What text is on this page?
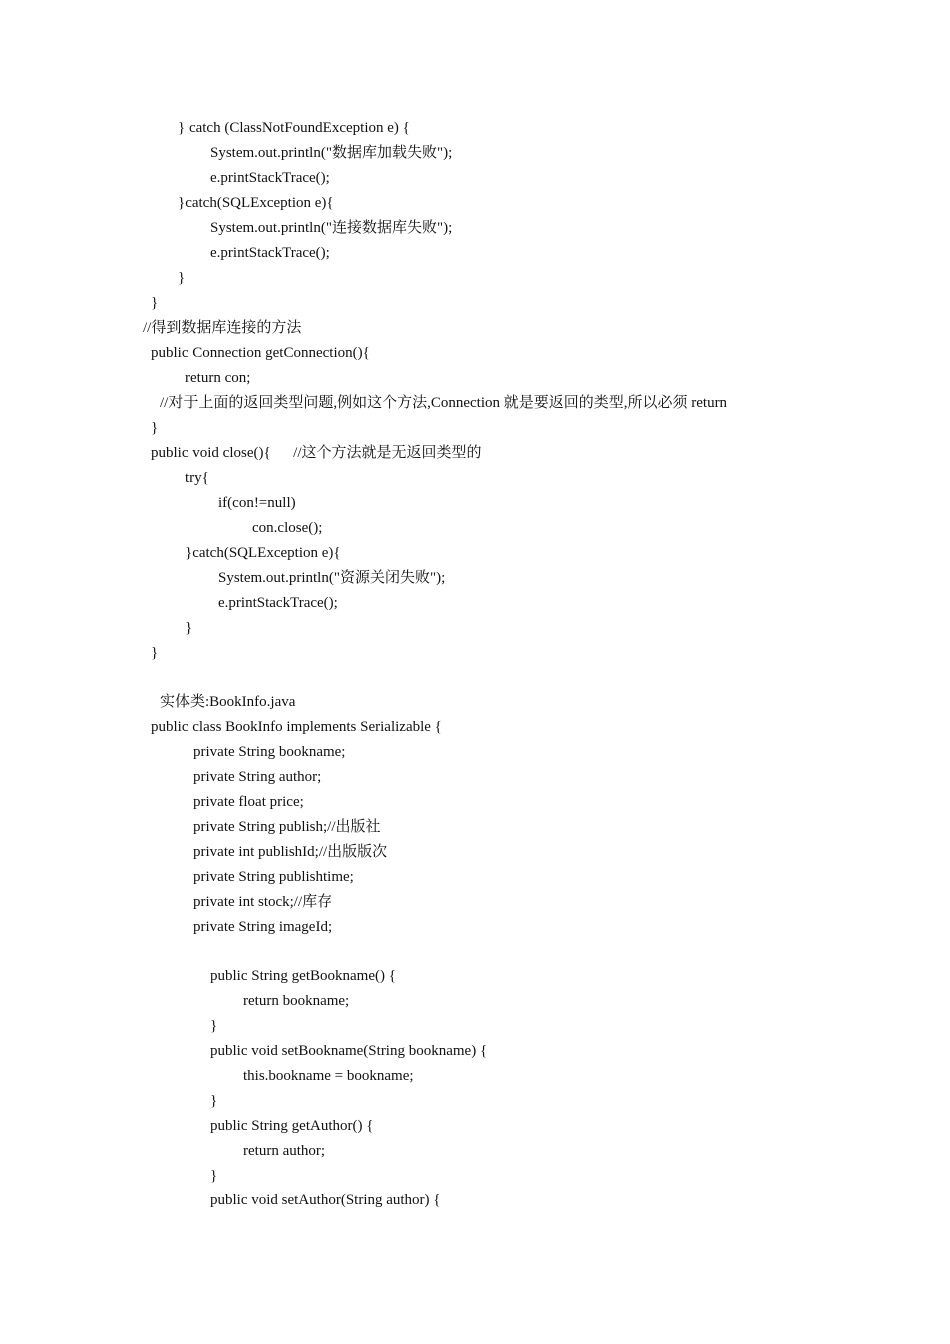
} catch (ClassNotFoundException e) {
System.out.println("数据库加载失败");
e.printStackTrace();
}catch(SQLException e){
System.out.println("连接数据库失败");
e.printStackTrace();
}
}
//得到数据库连接的方法
public Connection getConnection(){
return con;
//对于上面的返回类型问题,例如这个方法,Connection 就是要返回的类型,所以必须 return
}
public void close(){      //这个方法就是无返回类型的
try{
if(con!=null)
con.close();
}catch(SQLException e){
System.out.println("资源关闭失败");
e.printStackTrace();
}
}
实体类:BookInfo.java
public class BookInfo implements Serializable {
private String bookname;
private String author;
private float price;
private String publish;//出版社
private int publishId;//出版版次
private String publishtime;
private int stock;//库存
private String imageId;
public String getBookname() {
return bookname;
}
public void setBookname(String bookname) {
this.bookname = bookname;
}
public String getAuthor() {
return author;
}
public void setAuthor(String author) {
